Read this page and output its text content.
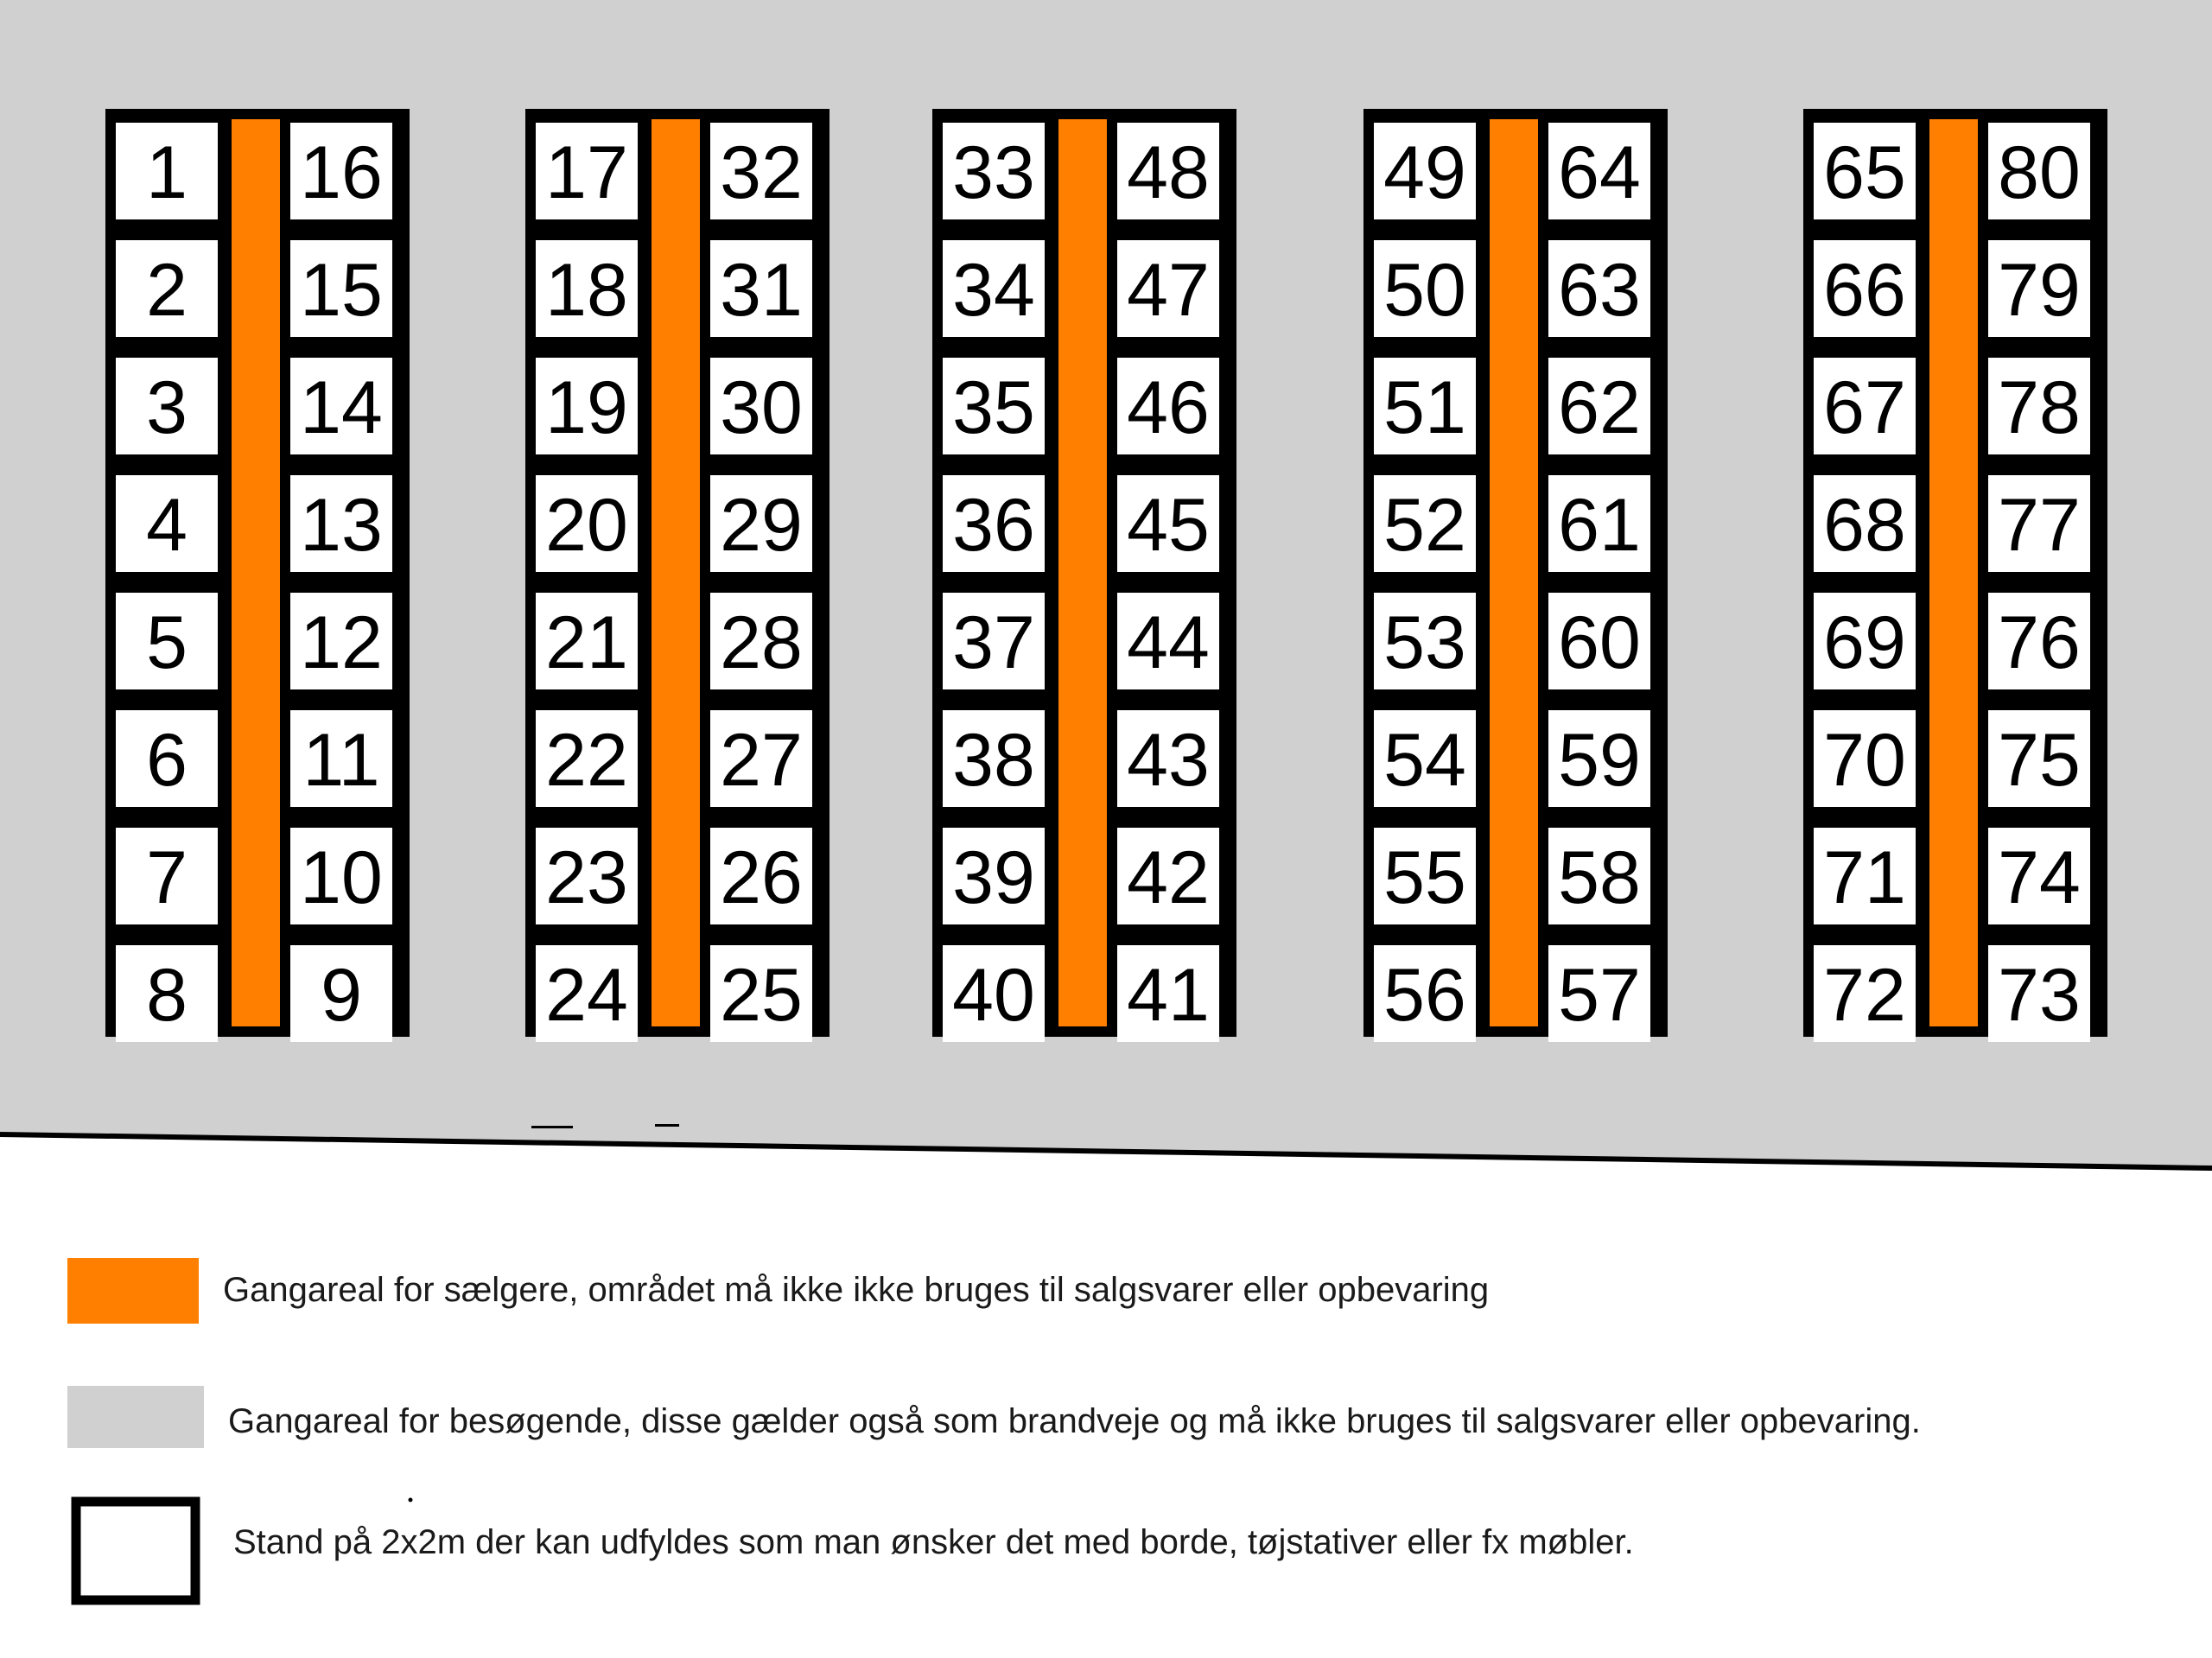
1
2
3
4
5
6
7
8
16
15
14
13
12
11
10
9
17
18
19
20
21
22
23
24
32
31
30
29
28
27
26
25
33
34
35
36
37
38
39
40
48
47
46
45
44
43
42
41
49
50
51
52
53
54
55
56
64
63
62
61
60
59
58
57
65
66
67
68
69
70
71
72
80
79
78
77
76
75
74
73
Gangareal for sælgere, området må ikke ikke bruges til salgsvarer eller opbevaring
Gangareal for besøgende, disse gælder også som brandveje og må ikke bruges til salgsvarer eller opbevaring.
Stand på 2x2m der kan udfyldes som man ønsker det med borde, tøjstativer eller fx møbler.
